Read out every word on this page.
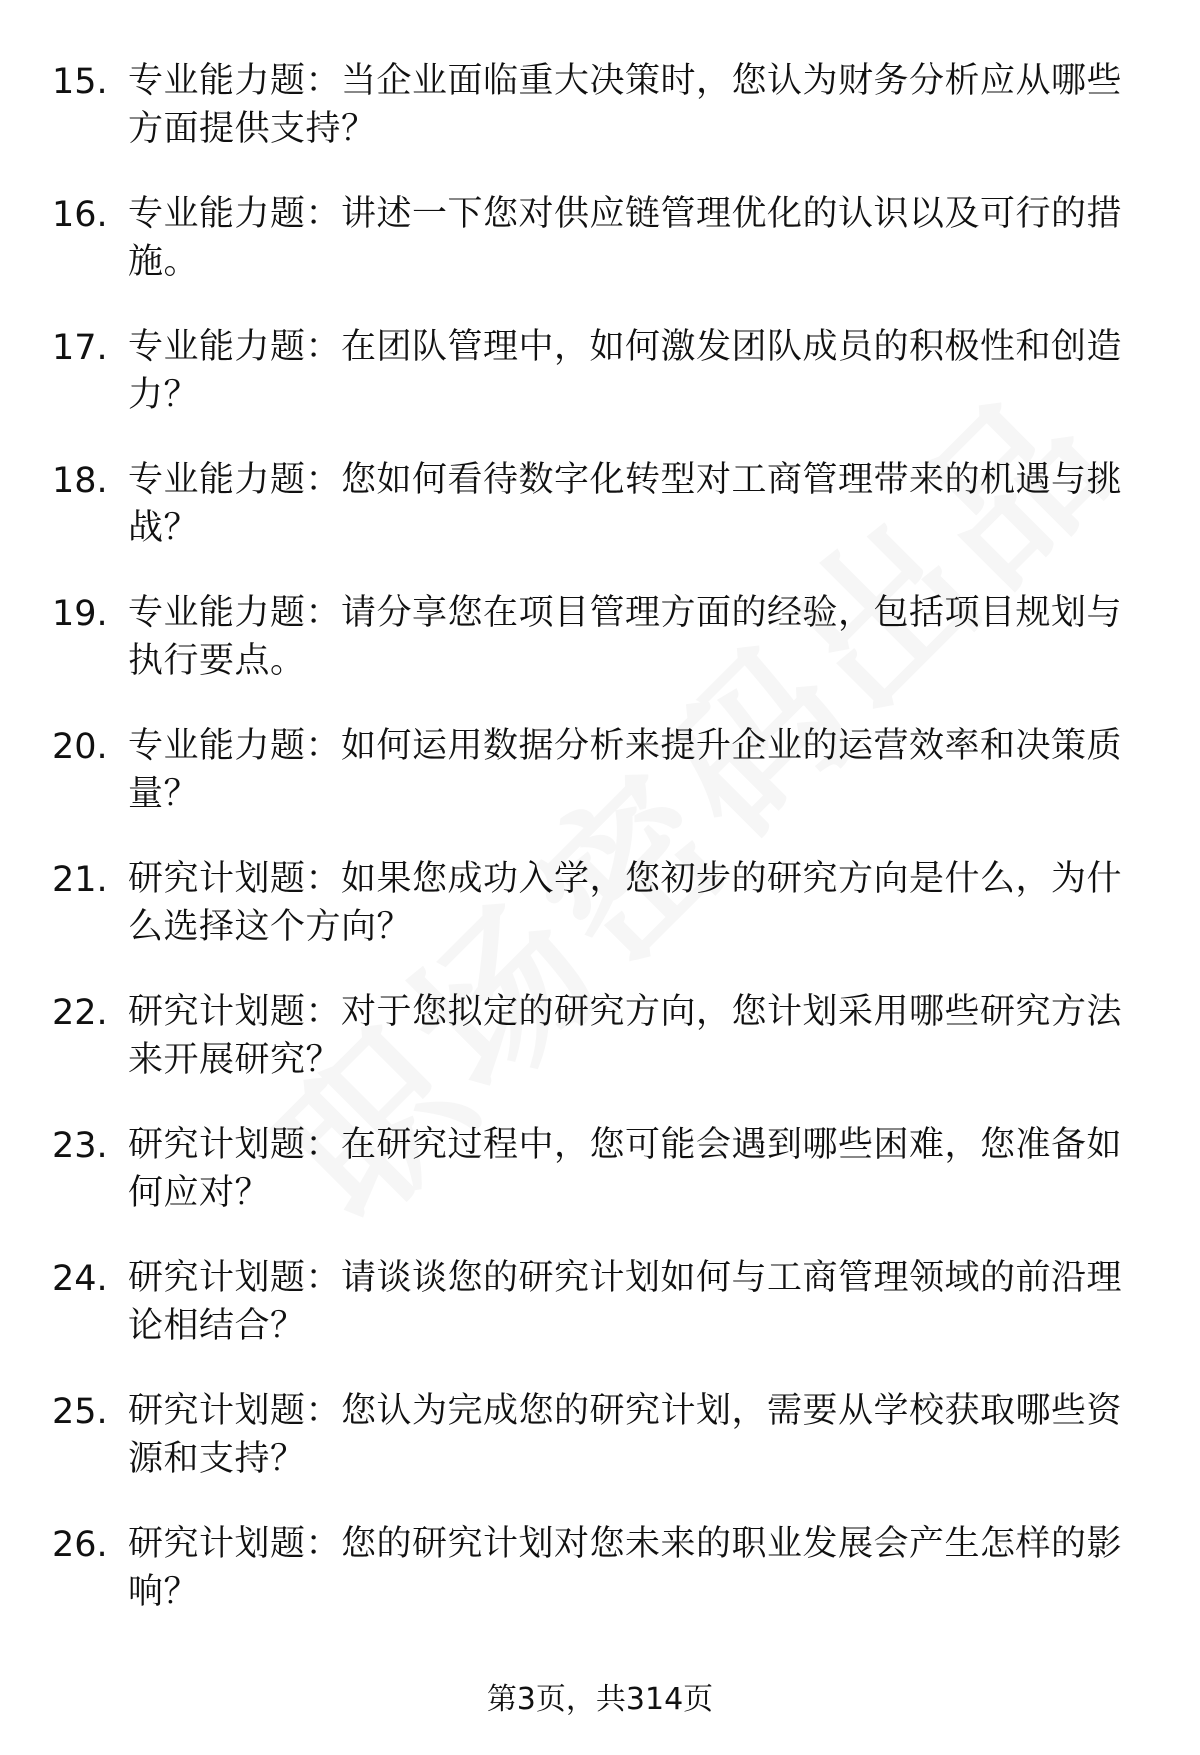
15. 专业能力题：当企业面临重大决策时，您认为财务分析应从哪些方面提供支持？
16. 专业能力题：讲述一下您对供应链管理优化的认识以及可行的措施。
17. 专业能力题：在团队管理中，如何激发团队成员的积极性和创造力？
18. 专业能力题：您如何看待数字化转型对工商管理带来的机遇与挑战？
19. 专业能力题：请分享您在项目管理方面的经验，包括项目规划与执行要点。
20. 专业能力题：如何运用数据分析来提升企业的运营效率和决策质量？
21. 研究计划题：如果您成功入学，您初步的研究方向是什么，为什么选择这个方向？
22. 研究计划题：对于您拟定的研究方向，您计划采用哪些研究方法来开展研究？
23. 研究计划题：在研究过程中，您可能会遇到哪些困难，您准备如何应对？
24. 研究计划题：请谈谈您的研究计划如何与工商管理领域的前沿理论相结合？
25. 研究计划题：您认为完成您的研究计划，需要从学校获取哪些资源和支持？
26. 研究计划题：您的研究计划对您未来的职业发展会产生怎样的影响？
第3页，共314页
